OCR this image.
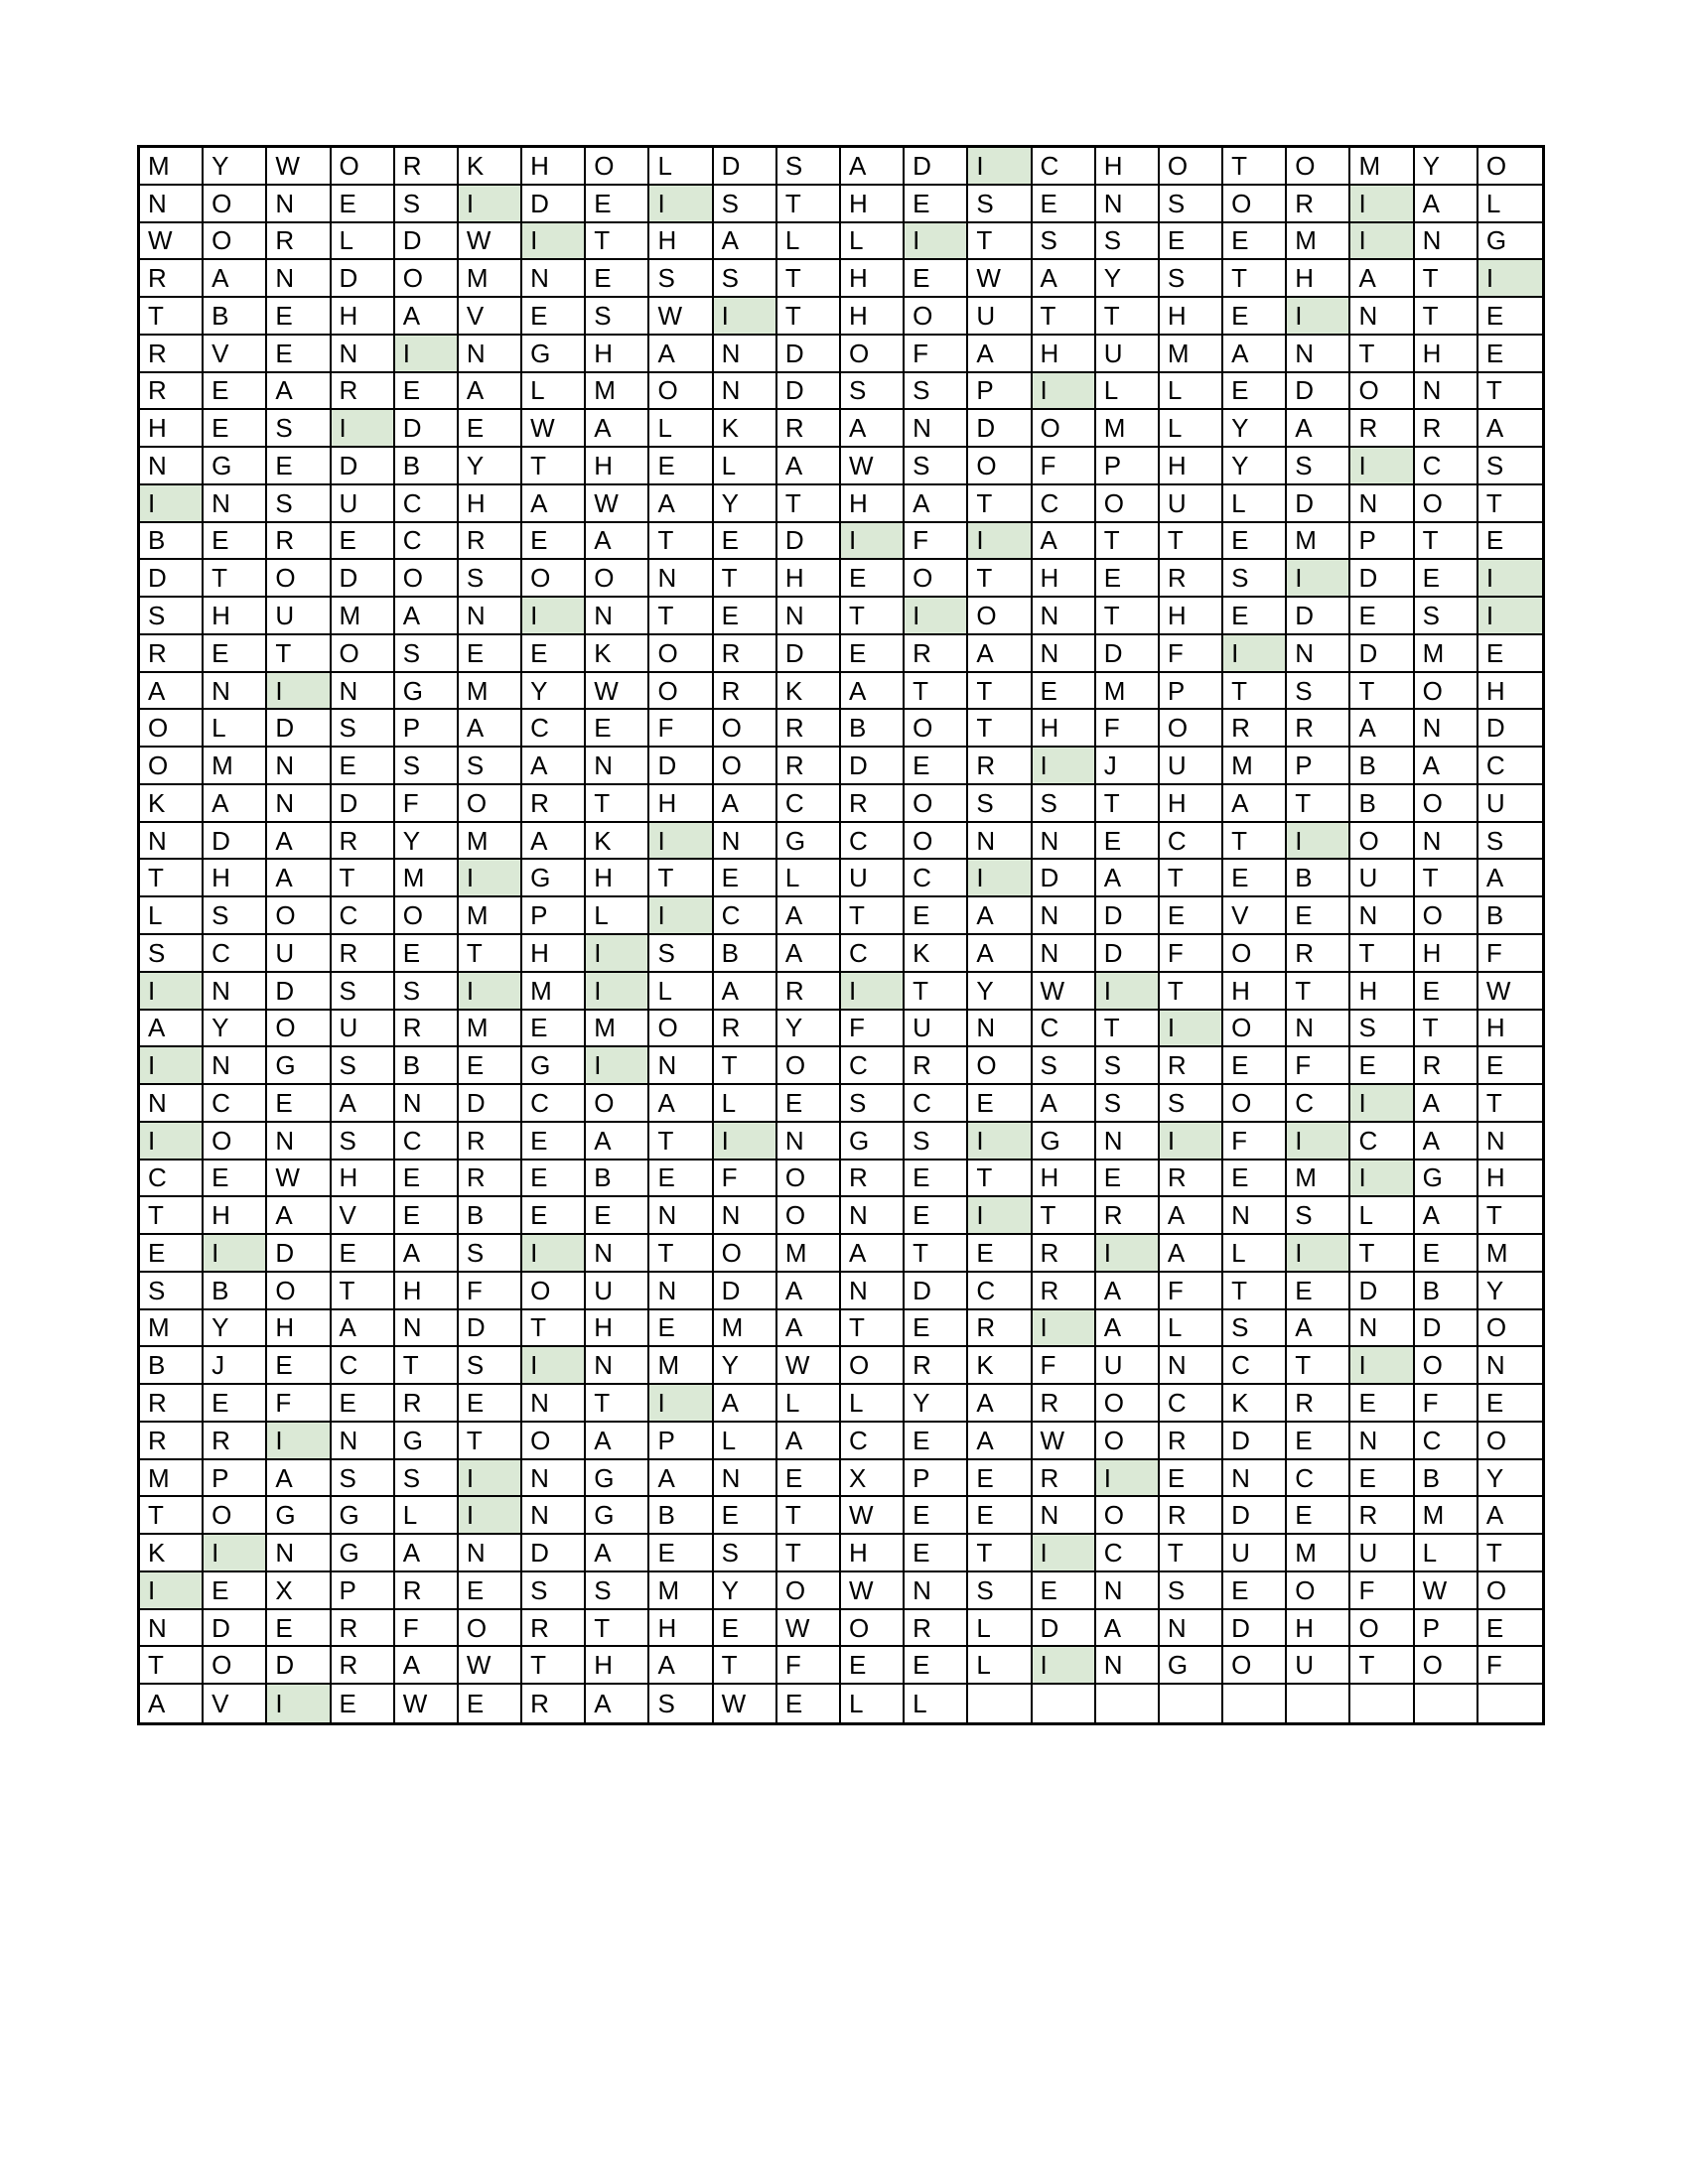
M	Y	W	O	R	K	H	O	L	D	S	A	D	I	C	H	O	T	O	M	Y	O
N	O	N	E	S	I	D	E	I	S	T	H	E	S	E	N	S	O	R	I	A	L
W	O	R	L	D	W	I	T	H	A	L	L	I	T	S	S	E	E	M	I	N	G
R	A	N	D	O	M	N	E	S	S	T	H	E	W	A	Y	S	T	H	A	T	I
T	B	E	H	A	V	E	S	W	I	T	H	O	U	T	T	H	E	I	N	T	E
R	V	E	N	I	N	G	H	A	N	D	O	F	A	H	U	M	A	N	T	H	E
R	E	A	R	E	A	L	M	O	N	D	S	S	P	I	L	L	E	D	O	N	T
H	E	S	I	D	E	W	A	L	K	R	A	N	D	O	M	L	Y	A	R	R	A
N	G	E	D	B	Y	T	H	E	L	A	W	S	O	F	P	H	Y	S	I	C	S
I	N	S	U	C	H	A	W	A	Y	T	H	A	T	C	O	U	L	D	N	O	T
B	E	R	E	C	R	E	A	T	E	D	I	F	I	A	T	T	E	M	P	T	E
D	T	O	D	O	S	O	O	N	T	H	E	O	T	H	E	R	S	I	D	E	I
S	H	U	M	A	N	I	N	T	E	N	T	I	O	N	T	H	E	D	E	S	I
R	E	T	O	S	E	E	K	O	R	D	E	R	A	N	D	F	I	N	D	M	E
A	N	I	N	G	M	Y	W	O	R	K	A	T	T	E	M	P	T	S	T	O	H
O	L	D	S	P	A	C	E	F	O	R	B	O	T	H	F	O	R	R	A	N	D
O	M	N	E	S	S	A	N	D	O	R	D	E	R	I	J	U	M	P	B	A	C
K	A	N	D	F	O	R	T	H	A	C	R	O	S	S	T	H	A	T	B	O	U
N	D	A	R	Y	M	A	K	I	N	G	C	O	N	N	E	C	T	I	O	N	S
T	H	A	T	M	I	G	H	T	E	L	U	C	I	D	A	T	E	B	U	T	A
L	S	O	C	O	M	P	L	I	C	A	T	E	A	N	D	E	V	E	N	O	B
S	C	U	R	E	T	H	I	S	B	A	C	K	A	N	D	F	O	R	T	H	F
I	N	D	S	S	I	M	I	L	A	R	I	T	Y	W	I	T	H	T	H	E	W
A	Y	O	U	R	M	E	M	O	R	Y	F	U	N	C	T	I	O	N	S	T	H
I	N	G	S	B	E	G	I	N	T	O	C	R	O	S	S	R	E	F	E	R	E
N	C	E	A	N	D	C	O	A	L	E	S	C	E	A	S	S	O	C	I	A	T
I	O	N	S	C	R	E	A	T	I	N	G	S	I	G	N	I	F	I	C	A	N
C	E	W	H	E	R	E	B	E	F	O	R	E	T	H	E	R	E	M	I	G	H
T	H	A	V	E	B	E	E	N	N	O	N	E	I	T	R	A	N	S	L	A	T
E	I	D	E	A	S	I	N	T	O	M	A	T	E	R	I	A	L	I	T	E	M
S	B	O	T	H	F	O	U	N	D	A	N	D	C	R	A	F	T	E	D	B	Y
M	Y	H	A	N	D	T	H	E	M	A	T	E	R	I	A	L	S	A	N	D	O
B	J	E	C	T	S	I	N	M	Y	W	O	R	K	F	U	N	C	T	I	O	N
R	E	F	E	R	E	N	T	I	A	L	L	Y	A	R	O	C	K	R	E	F	E
R	R	I	N	G	T	O	A	P	L	A	C	E	A	W	O	R	D	E	N	C	O
M	P	A	S	S	I	N	G	A	N	E	X	P	E	R	I	E	N	C	E	B	Y
T	O	G	G	L	I	N	G	B	E	T	W	E	E	N	O	R	D	E	R	M	A
K	I	N	G	A	N	D	A	E	S	T	H	E	T	I	C	T	U	M	U	L	T
I	E	X	P	R	E	S	S	M	Y	O	W	N	S	E	N	S	E	O	F	W	O
N	D	E	R	F	O	R	T	H	E	W	O	R	L	D	A	N	D	H	O	P	E
T	O	D	R	A	W	T	H	A	T	F	E	E	L	I	N	G	O	U	T	O	F
A	V	I	E	W	E	R	A	S	W	E	L	L
